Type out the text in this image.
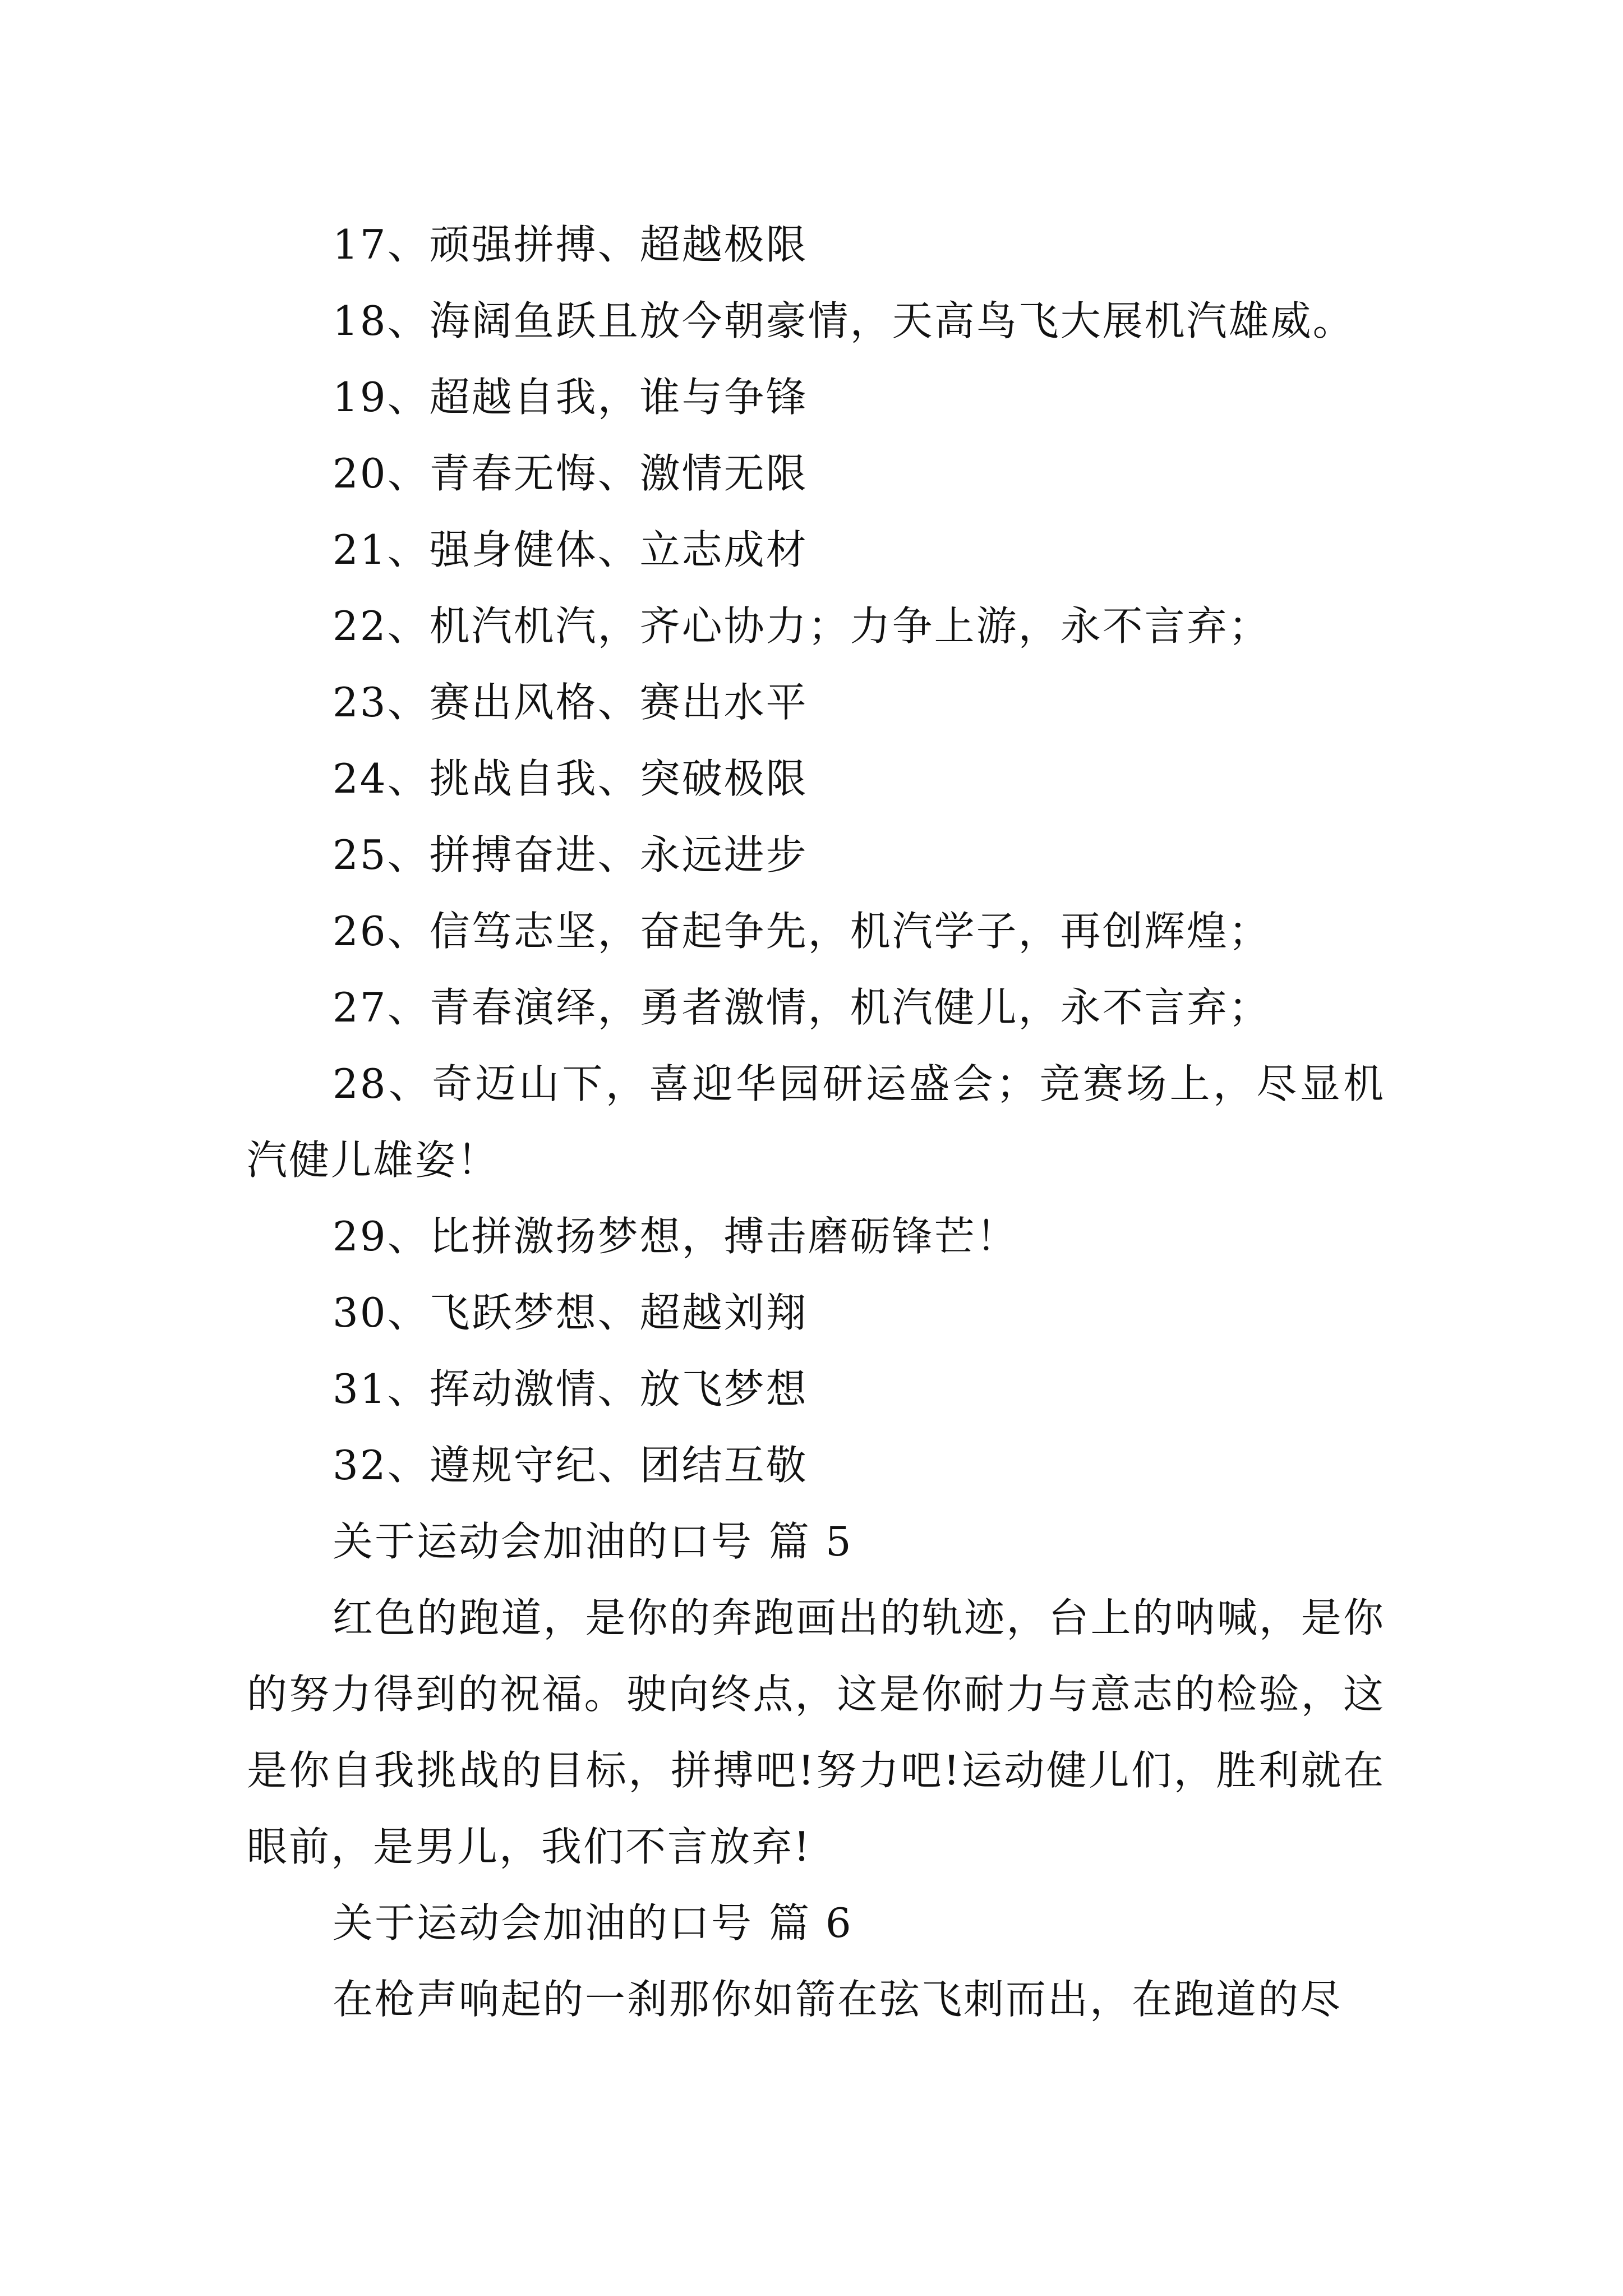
17、顽强拼搏、超越极限

18、海阔鱼跃且放今朝豪情，天高鸟飞大展机汽雄威。

19、超越自我，谁与争锋

20、青春无悔、激情无限

21、强身健体、立志成材

22、机汽机汽，齐心协力；力争上游，永不言弃；

23、赛出风格、赛出水平

24、挑战自我、突破极限

25、拼搏奋进、永远进步

26、信笃志坚，奋起争先，机汽学子，再创辉煌；

27、青春演绎，勇者激情，机汽健儿，永不言弃；

28、奇迈山下，喜迎华园研运盛会；竞赛场上，尽显机汽健儿雄姿！

29、比拼激扬梦想，搏击磨砺锋芒！

30、飞跃梦想、超越刘翔

31、挥动激情、放飞梦想

32、遵规守纪、团结互敬

关于运动会加油的口号 篇 5

红色的跑道，是你的奔跑画出的轨迹，台上的呐喊，是你的努力得到的祝福。驶向终点，这是你耐力与意志的检验，这是你自我挑战的目标，拼搏吧!努力吧!运动健儿们，胜利就在眼前，是男儿，我们不言放弃!

关于运动会加油的口号 篇 6

在枪声响起的一刹那你如箭在弦飞刺而出，在跑道的尽
